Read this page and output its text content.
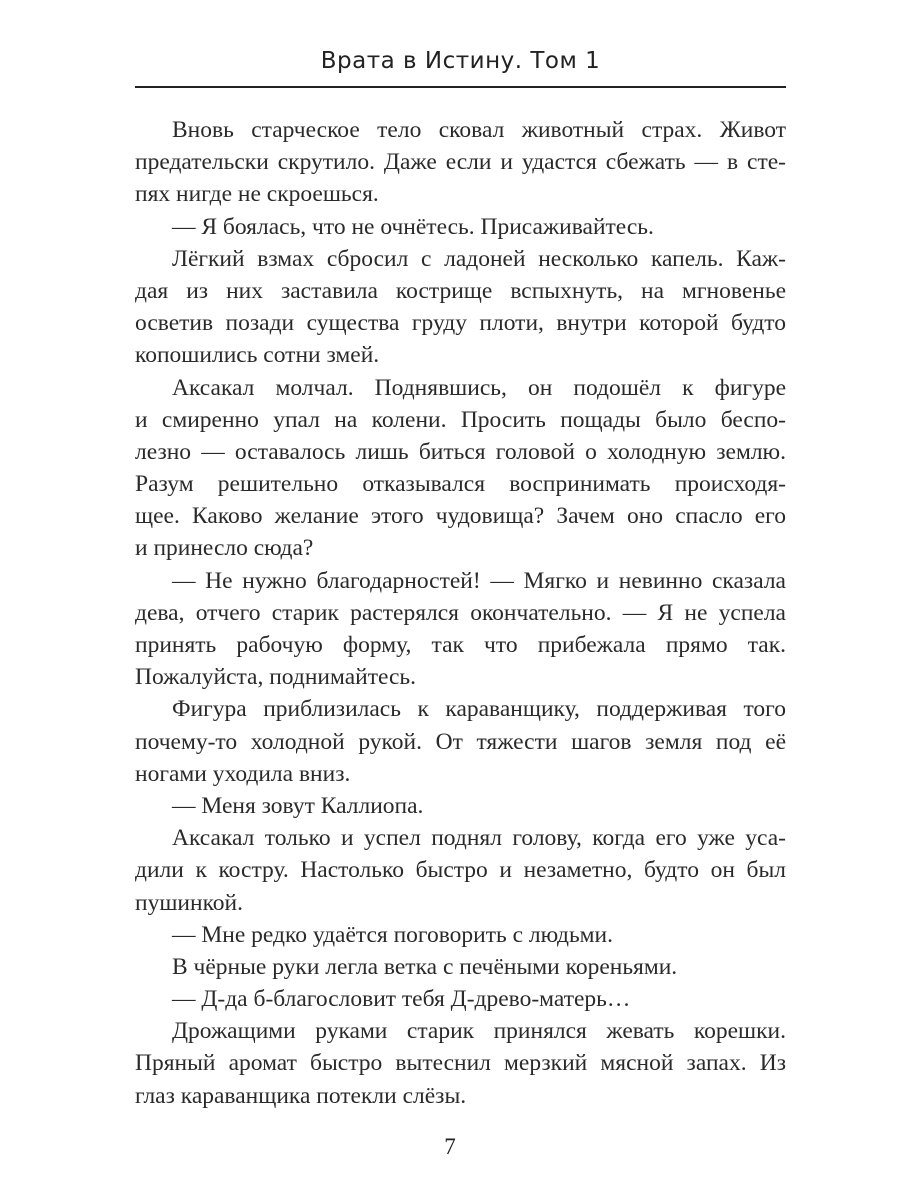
Врата в Истину. Том 1
Вновь старческое тело сковал животный страх. Живот
предательски скрутило. Даже если и удастся сбежать — в сте-
пях нигде не скроешься.
— Я боялась, что не очнётесь. Присаживайтесь.
Лёгкий взмах сбросил с ладоней несколько капель. Каж-
дая из них заставила кострище вспыхнуть, на мгновенье
осветив позади существа груду плоти, внутри которой будто
копошились сотни змей.
Аксакал молчал. Поднявшись, он подошёл к фигуре
и смиренно упал на колени. Просить пощады было беспо-
лезно — оставалось лишь биться головой о холодную землю.
Разум решительно отказывался воспринимать происходя-
щее. Каково желание этого чудовища? Зачем оно спасло его
и принесло сюда?
— Не нужно благодарностей! — Мягко и невинно сказала
дева, отчего старик растерялся окончательно. — Я не успела
принять рабочую форму, так что прибежала прямо так.
Пожалуйста, поднимайтесь.
Фигура приблизилась к караванщику, поддерживая того
почему-то холодной рукой. От тяжести шагов земля под её
ногами уходила вниз.
— Меня зовут Каллиопа.
Аксакал только и успел поднял голову, когда его уже уса-
дили к костру. Настолько быстро и незаметно, будто он был
пушинкой.
— Мне редко удаётся поговорить с людьми.
В чёрные руки легла ветка с печёными кореньями.
— Д-да б-благословит тебя Д-древо-матерь…
Дрожащими руками старик принялся жевать корешки.
Пряный аромат быстро вытеснил мерзкий мясной запах. Из
глаз караванщика потекли слёзы.
7
